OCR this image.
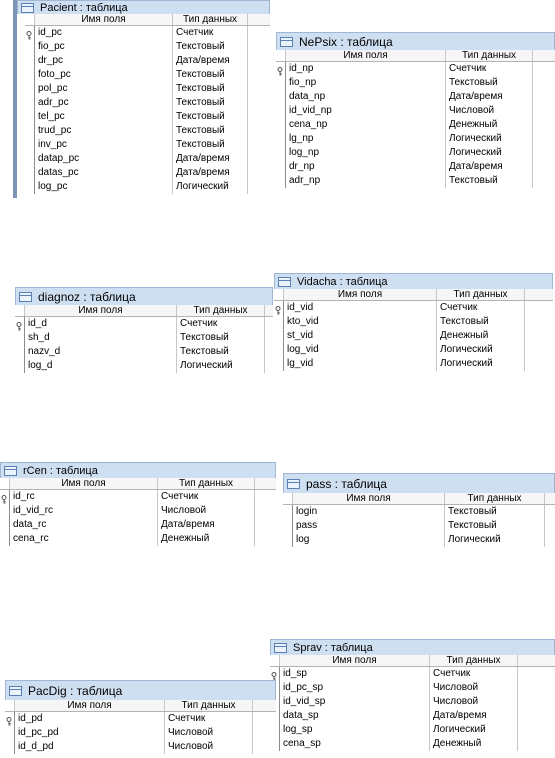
Pacient : таблица
Имя поля	Тип данных
id_pc	Счетчик
fio_pc	Текстовый
dr_pc	Дата/время
foto_pc	Текстовый
pol_pc	Текстовый
adr_pc	Текстовый
tel_pc	Текстовый
trud_pc	Текстовый
inv_pc	Текстовый
datap_pc	Дата/время
datas_pc	Дата/время
log_pc	Логический
NePsix : таблица
Имя поля	Тип данных
id_np	Счетчик
fio_np	Текстовый
data_np	Дата/время
id_vid_np	Числовой
cena_np	Денежный
lg_np	Логический
log_np	Логический
dr_np	Дата/время
adr_np	Текстовый
diagnoz : таблица
Имя поля	Тип данных
id_d	Счетчик
sh_d	Текстовый
nazv_d	Текстовый
log_d	Логический
Vidacha : таблица
Имя поля	Тип данных
id_vid	Счетчик
kto_vid	Текстовый
st_vid	Денежный
log_vid	Логический
lg_vid	Логический
rCen : таблица
Имя поля	Тип данных
id_rc	Счетчик
id_vid_rc	Числовой
data_rc	Дата/время
cena_rc	Денежный
pass : таблица
Имя поля	Тип данных
login	Текстовый
pass	Текстовый
log	Логический
Sprav : таблица
Имя поля	Тип данных
id_sp	Счетчик
id_pc_sp	Числовой
id_vid_sp	Числовой
data_sp	Дата/время
log_sp	Логический
cena_sp	Денежный
PacDig : таблица
Имя поля	Тип данных
id_pd	Счетчик
id_pc_pd	Числовой
id_d_pd	Числовой
